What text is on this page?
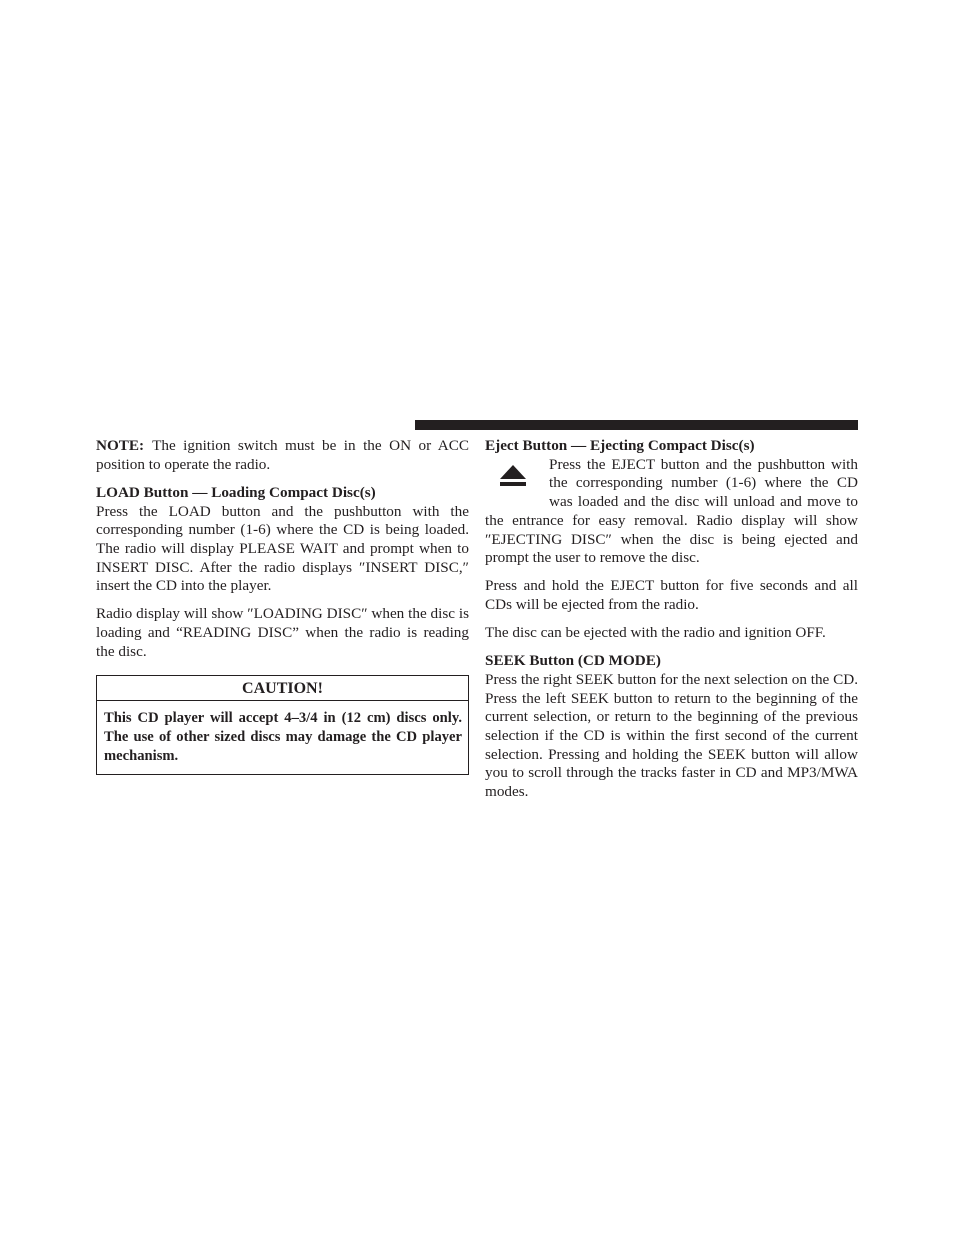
NOTE: The ignition switch must be in the ON or ACC position to operate the radio.

LOAD Button — Loading Compact Disc(s)

Press the LOAD button and the pushbutton with the corresponding number (1-6) where the CD is being loaded. The radio will display PLEASE WAIT and prompt when to INSERT DISC. After the radio displays ″INSERT DISC,″ insert the CD into the player.

Radio display will show ″LOADING DISC″ when the disc is loading and “READING DISC” when the radio is reading the disc.

CAUTION!
This CD player will accept 4–3/4 in (12 cm) discs only. The use of other sized discs may damage the CD player mechanism.

Eject Button — Ejecting Compact Disc(s)

Press the EJECT button and the pushbutton with the corresponding number (1-6) where the CD was loaded and the disc will unload and move to the entrance for easy removal. Radio display will show ″EJECTING DISC″ when the disc is being ejected and prompt the user to remove the disc.

Press and hold the EJECT button for five seconds and all CDs will be ejected from the radio.

The disc can be ejected with the radio and ignition OFF.

SEEK Button (CD MODE)

Press the right SEEK button for the next selection on the CD. Press the left SEEK button to return to the beginning of the current selection, or return to the beginning of the previous selection if the CD is within the first second of the current selection. Pressing and holding the SEEK button will allow you to scroll through the tracks faster in CD and MP3/MWA modes.
